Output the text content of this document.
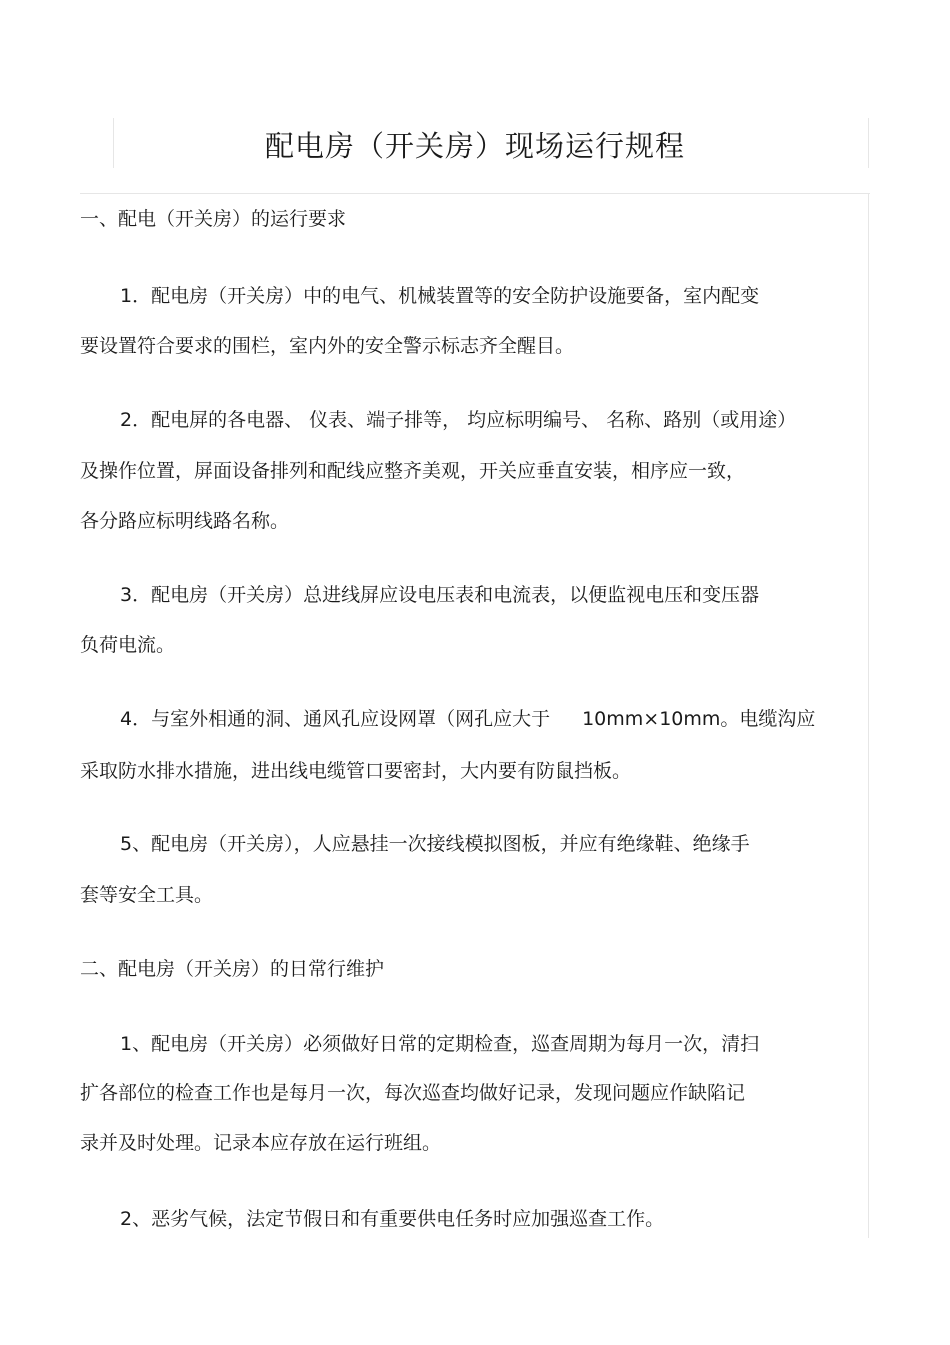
配电房（开关房）现场运行规程
一、配电（开关房）的运行要求
1．配电房（开关房）中的电气、机械装置等的安全防护设施要备，室内配变
要设置符合要求的围栏，室内外的安全警示标志齐全醒目。
2．配电屏的各电器、 仪表、端子排等， 均应标明编号、 名称、路别（或用途）
及操作位置，屏面设备排列和配线应整齐美观，开关应垂直安装，相序应一致，
各分路应标明线路名称。
3．配电房（开关房）总进线屏应设电压表和电流表，以便监视电压和变压器
负荷电流。
4．与室外相通的洞、通风孔应设网罩（网孔应大于 10mm×10mm。电缆沟应
采取防水排水措施，进出线电缆管口要密封，大内要有防鼠挡板。
5、配电房（开关房），人应悬挂一次接线模拟图板，并应有绝缘鞋、绝缘手
套等安全工具。
二、配电房（开关房）的日常行维护
1、配电房（开关房）必须做好日常的定期检查，巡查周期为每月一次，清扫
扩各部位的检查工作也是每月一次，每次巡查均做好记录，发现问题应作缺陷记
录并及时处理。记录本应存放在运行班组。
2、恶劣气候，法定节假日和有重要供电任务时应加强巡查工作。
